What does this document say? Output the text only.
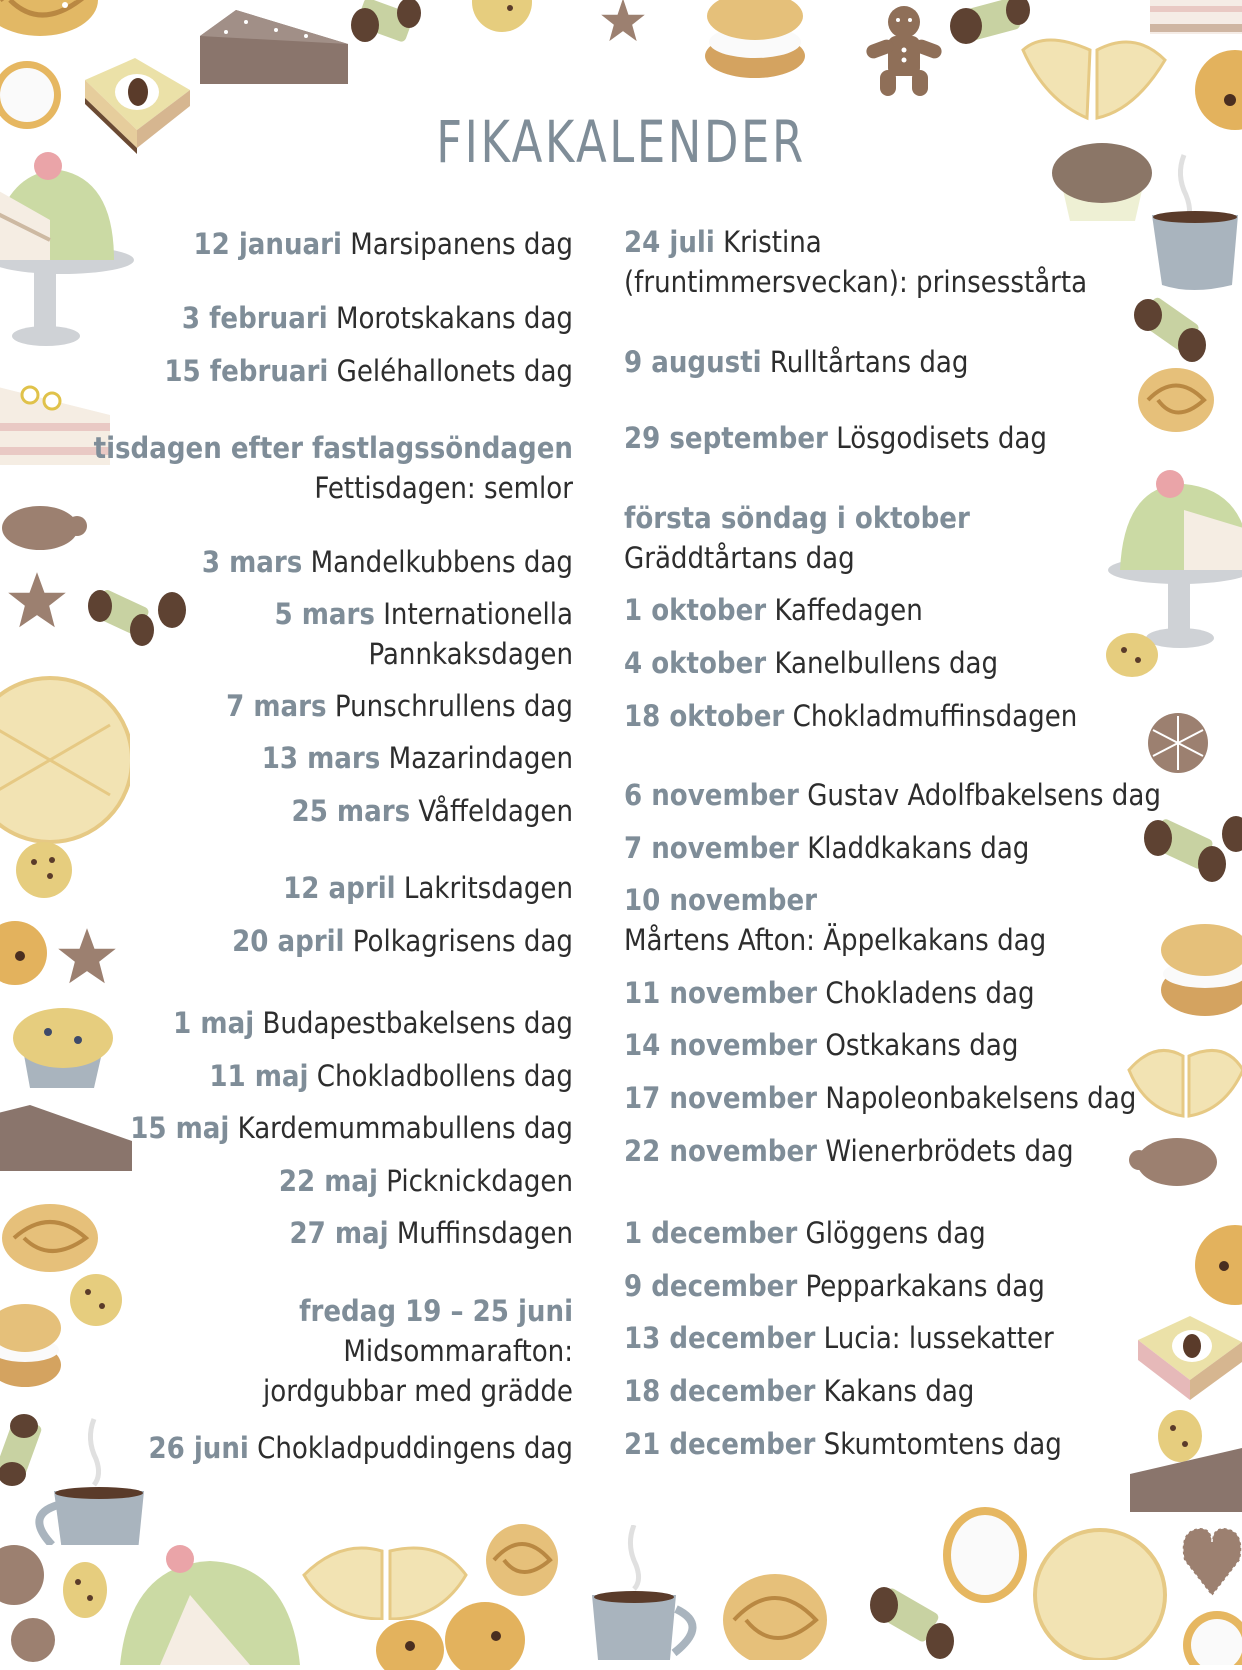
FIKAKALENDER
12 januari Marsipanens dag
3 februari Morotskakans dag
15 februari Geléhallonets dag
tisdagen efter fastlagssöndagen
Fettisdagen: semlor
3 mars Mandelkubbens dag
5 mars Internationella
Pannkaksdagen
7 mars Punschrullens dag
13 mars Mazarindagen
25 mars Våffeldagen
12 april Lakritsdagen
20 april Polkagrisens dag
1 maj Budapestbakelsens dag
11 maj Chokladbollens dag
15 maj Kardemummabullens dag
22 maj Picknickdagen
27 maj Muffinsdagen
fredag 19 – 25 juni
Midsommarafton:
jordgubbar med grädde
26 juni Chokladpuddingens dag
24 juli Kristina
(fruntimmersveckan): prinsesstårta
9 augusti Rulltårtans dag
29 september Lösgodisets dag
första söndag i oktober
Gräddtårtans dag
1 oktober Kaffedagen
4 oktober Kanelbullens dag
18 oktober Chokladmuffinsdagen
6 november Gustav Adolfbakelsens dag
7 november Kladdkakans dag
10 november
Mårtens Afton: Äppelkakans dag
11 november Chokladens dag
14 november Ostkakans dag
17 november Napoleonbakelsens dag
22 november Wienerbrödets dag
1 december Glöggens dag
9 december Pepparkakans dag
13 december Lucia: lussekatter
18 december Kakans dag
21 december Skumtomtens dag
